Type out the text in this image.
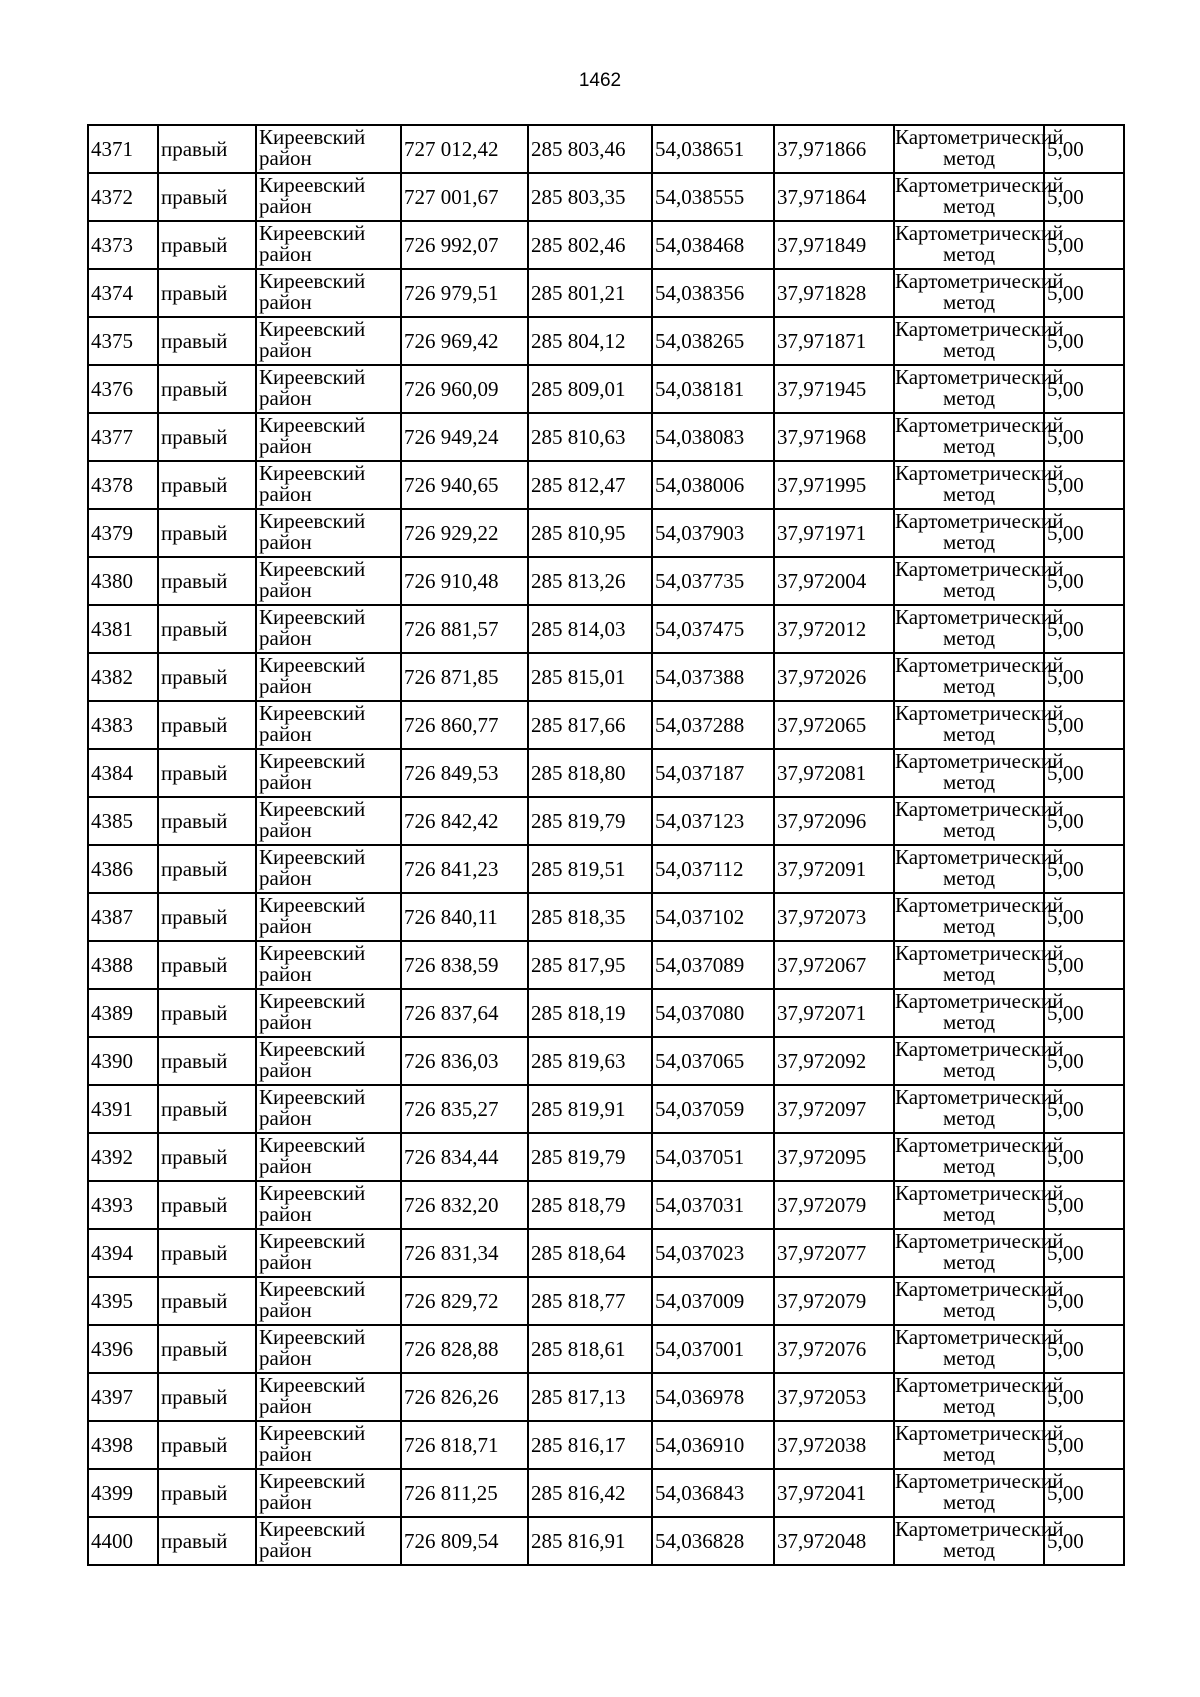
1462
4371	правый	Киреевский район	727 012,42	285 803,46	54,038651	37,971866	Картометрический метод	5,00
4372	правый	Киреевский район	727 001,67	285 803,35	54,038555	37,971864	Картометрический метод	5,00
4373	правый	Киреевский район	726 992,07	285 802,46	54,038468	37,971849	Картометрический метод	5,00
4374	правый	Киреевский район	726 979,51	285 801,21	54,038356	37,971828	Картометрический метод	5,00
4375	правый	Киреевский район	726 969,42	285 804,12	54,038265	37,971871	Картометрический метод	5,00
4376	правый	Киреевский район	726 960,09	285 809,01	54,038181	37,971945	Картометрический метод	5,00
4377	правый	Киреевский район	726 949,24	285 810,63	54,038083	37,971968	Картометрический метод	5,00
4378	правый	Киреевский район	726 940,65	285 812,47	54,038006	37,971995	Картометрический метод	5,00
4379	правый	Киреевский район	726 929,22	285 810,95	54,037903	37,971971	Картометрический метод	5,00
4380	правый	Киреевский район	726 910,48	285 813,26	54,037735	37,972004	Картометрический метод	5,00
4381	правый	Киреевский район	726 881,57	285 814,03	54,037475	37,972012	Картометрический метод	5,00
4382	правый	Киреевский район	726 871,85	285 815,01	54,037388	37,972026	Картометрический метод	5,00
4383	правый	Киреевский район	726 860,77	285 817,66	54,037288	37,972065	Картометрический метод	5,00
4384	правый	Киреевский район	726 849,53	285 818,80	54,037187	37,972081	Картометрический метод	5,00
4385	правый	Киреевский район	726 842,42	285 819,79	54,037123	37,972096	Картометрический метод	5,00
4386	правый	Киреевский район	726 841,23	285 819,51	54,037112	37,972091	Картометрический метод	5,00
4387	правый	Киреевский район	726 840,11	285 818,35	54,037102	37,972073	Картометрический метод	5,00
4388	правый	Киреевский район	726 838,59	285 817,95	54,037089	37,972067	Картометрический метод	5,00
4389	правый	Киреевский район	726 837,64	285 818,19	54,037080	37,972071	Картометрический метод	5,00
4390	правый	Киреевский район	726 836,03	285 819,63	54,037065	37,972092	Картометрический метод	5,00
4391	правый	Киреевский район	726 835,27	285 819,91	54,037059	37,972097	Картометрический метод	5,00
4392	правый	Киреевский район	726 834,44	285 819,79	54,037051	37,972095	Картометрический метод	5,00
4393	правый	Киреевский район	726 832,20	285 818,79	54,037031	37,972079	Картометрический метод	5,00
4394	правый	Киреевский район	726 831,34	285 818,64	54,037023	37,972077	Картометрический метод	5,00
4395	правый	Киреевский район	726 829,72	285 818,77	54,037009	37,972079	Картометрический метод	5,00
4396	правый	Киреевский район	726 828,88	285 818,61	54,037001	37,972076	Картометрический метод	5,00
4397	правый	Киреевский район	726 826,26	285 817,13	54,036978	37,972053	Картометрический метод	5,00
4398	правый	Киреевский район	726 818,71	285 816,17	54,036910	37,972038	Картометрический метод	5,00
4399	правый	Киреевский район	726 811,25	285 816,42	54,036843	37,972041	Картометрический метод	5,00
4400	правый	Киреевский район	726 809,54	285 816,91	54,036828	37,972048	Картометрический метод	5,00
